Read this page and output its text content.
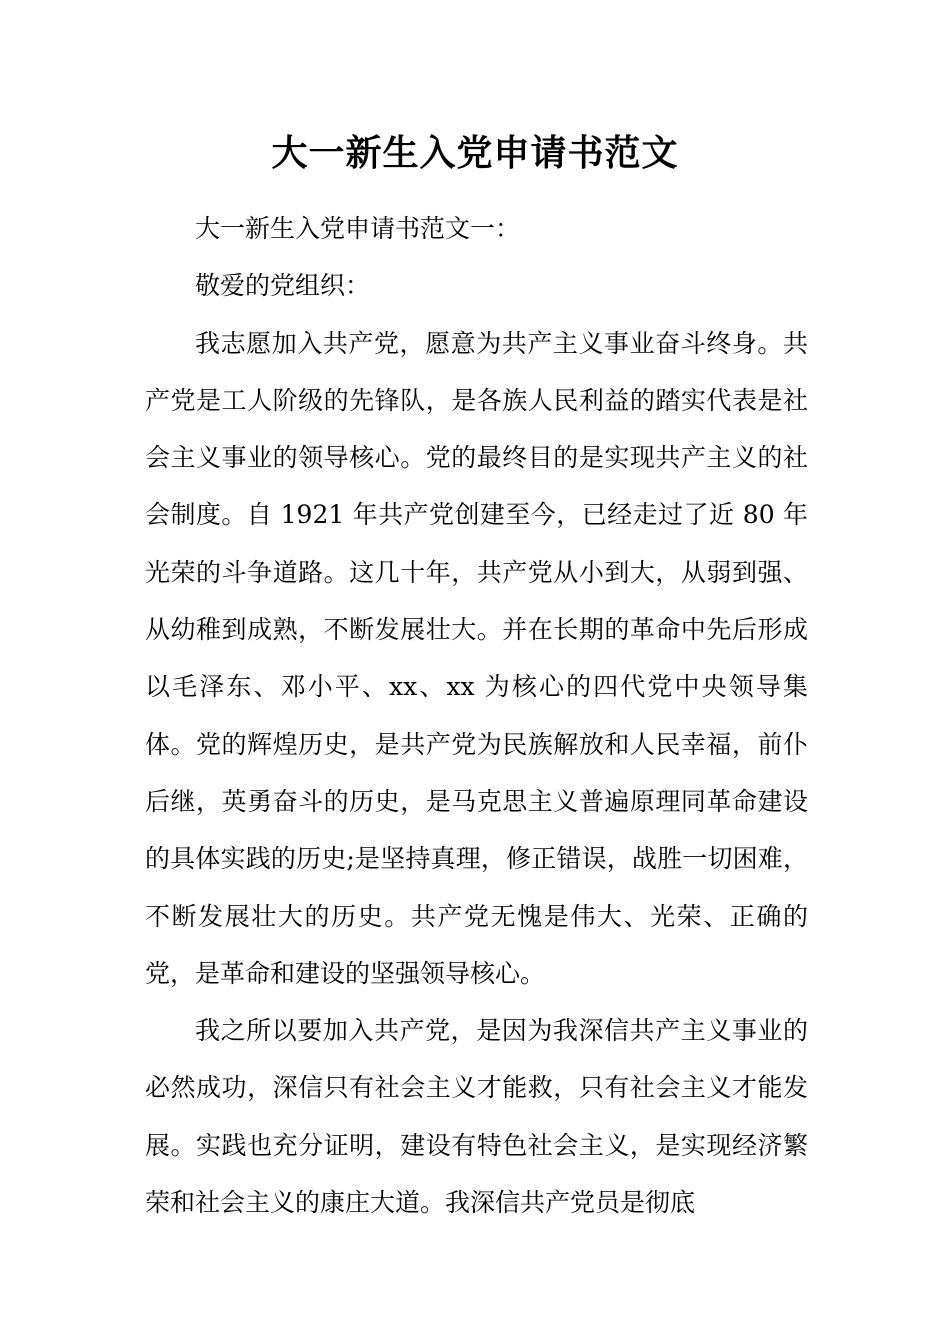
大一新生入党申请书范文

大一新生入党申请书范文一：

敬爱的党组织：

我志愿加入共产党，愿意为共产主义事业奋斗终身。共产党是工人阶级的先锋队，是各族人民利益的踏实代表是社会主义事业的领导核心。党的最终目的是实现共产主义的社会制度。自 1921 年共产党创建至今，已经走过了近 80 年光荣的斗争道路。这几十年，共产党从小到大，从弱到强、从幼稚到成熟，不断发展壮大。并在长期的革命中先后形成以毛泽东、邓小平、xx、xx 为核心的四代党中央领导集体。党的辉煌历史，是共产党为民族解放和人民幸福，前仆后继，英勇奋斗的历史，是马克思主义普遍原理同革命建设的具体实践的历史;是坚持真理，修正错误，战胜一切困难，不断发展壮大的历史。共产党无愧是伟大、光荣、正确的党，是革命和建设的坚强领导核心。

我之所以要加入共产党，是因为我深信共产主义事业的必然成功，深信只有社会主义才能救，只有社会主义才能发展。实践也充分证明，建设有特色社会主义，是实现经济繁荣和社会主义的康庄大道。我深信共产党员是彻底
